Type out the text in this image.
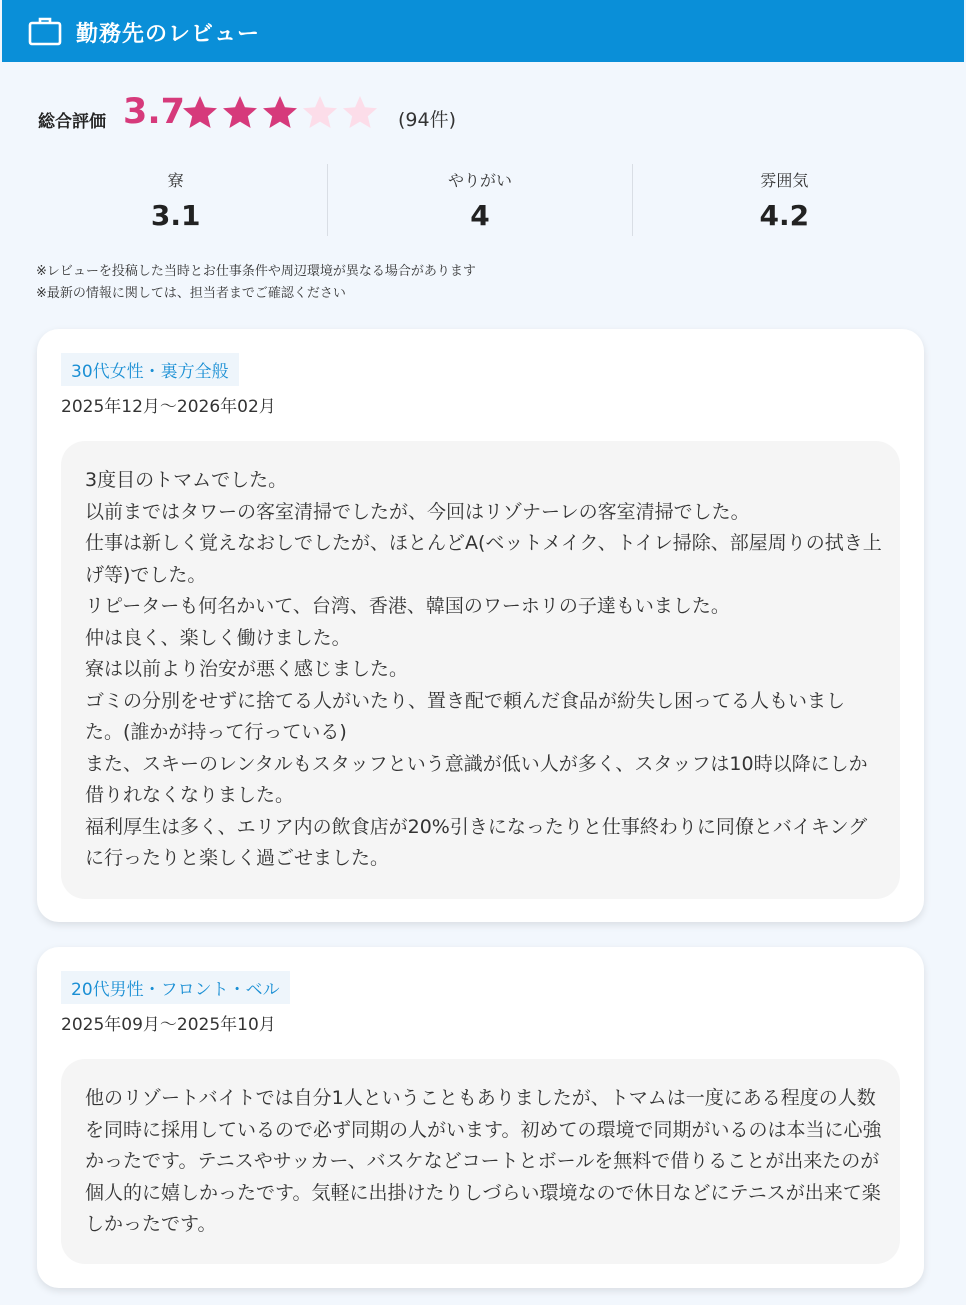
勤務先のレビュー
総合評価 3.7	(94件)
寮
3.1
やりがい
4
雰囲気
4.2
※レビューを投稿した当時とお仕事条件や周辺環境が異なる場合があります
※最新の情報に関しては、担当者までご確認ください
30代女性・裏方全般
2025年12月〜2026年02月

3度目のトマムでした。

以前まではタワーの客室清掃でしたが、今回はリゾナーレの客室清掃でした。

仕事は新しく覚えなおしでしたが、ほとんどA(ベットメイク、トイレ掃除、部屋周りの拭き上げ等)でした。

リピーターも何名かいて、台湾、香港、韓国のワーホリの子達もいました。

仲は良く、楽しく働けました。

寮は以前より治安が悪く感じました。

ゴミの分別をせずに捨てる人がいたり、置き配で頼んだ食品が紛失し困ってる人もいました。(誰かが持って行っている)

また、スキーのレンタルもスタッフという意識が低い人が多く、スタッフは10時以降にしか借りれなくなりました。

福利厚生は多く、エリア内の飲食店が20%引きになったりと仕事終わりに同僚とバイキングに行ったりと楽しく過ごせました。

20代男性・フロント・ベル
2025年09月〜2025年10月

他のリゾートバイトでは自分1人ということもありましたが、トマムは一度にある程度の人数を同時に採用しているので必ず同期の人がいます。初めての環境で同期がいるのは本当に心強かったです。テニスやサッカー、バスケなどコートとボールを無料で借りることが出来たのが個人的に嬉しかったです。気軽に出掛けたりしづらい環境なので休日などにテニスが出来て楽しかったです。
